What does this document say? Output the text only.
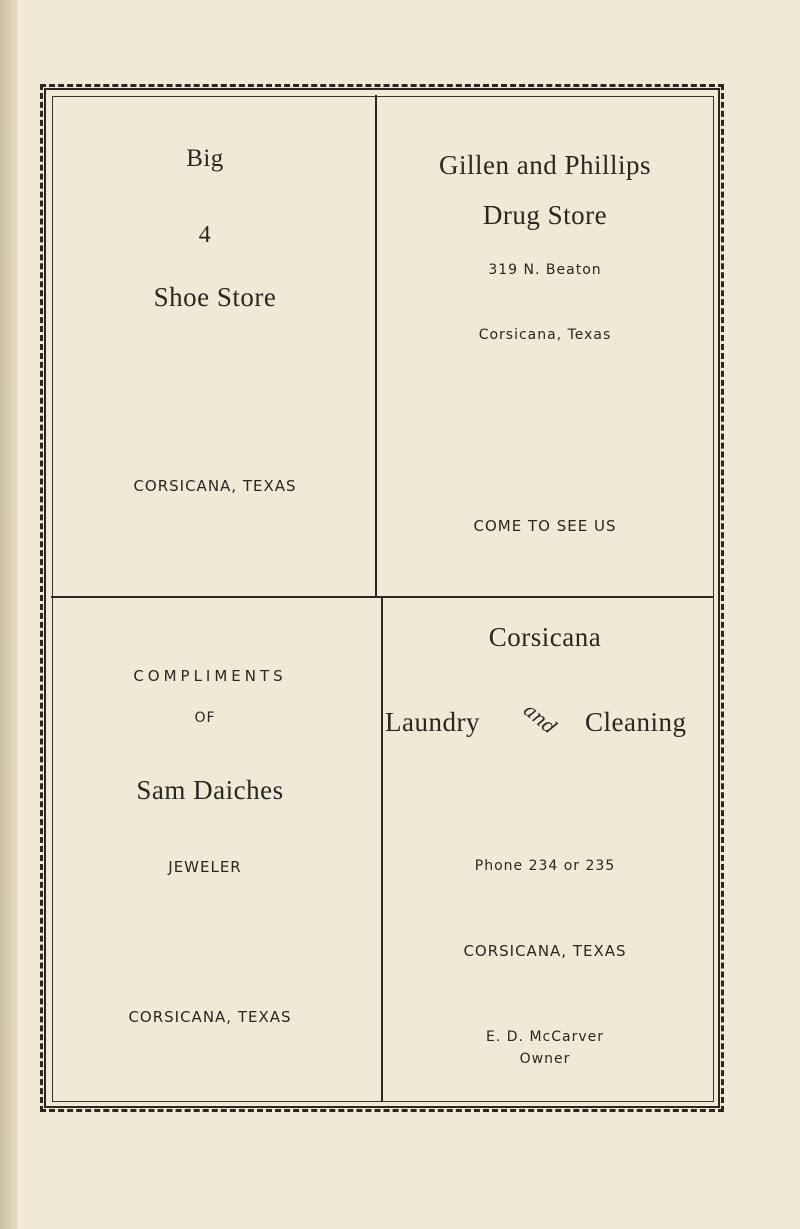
Big
4
Shoe Store
CORSICANA, TEXAS
Gillen and Phillips
Drug Store
319 N. Beaton
Corsicana, Texas
COME TO SEE US
COMPLIMENTS
OF
Sam Daiches
JEWELER
CORSICANA, TEXAS
Corsicana
Laundry	and Cleaning
Phone 234 or 235
CORSICANA, TEXAS
E. D. McCarver
Owner
